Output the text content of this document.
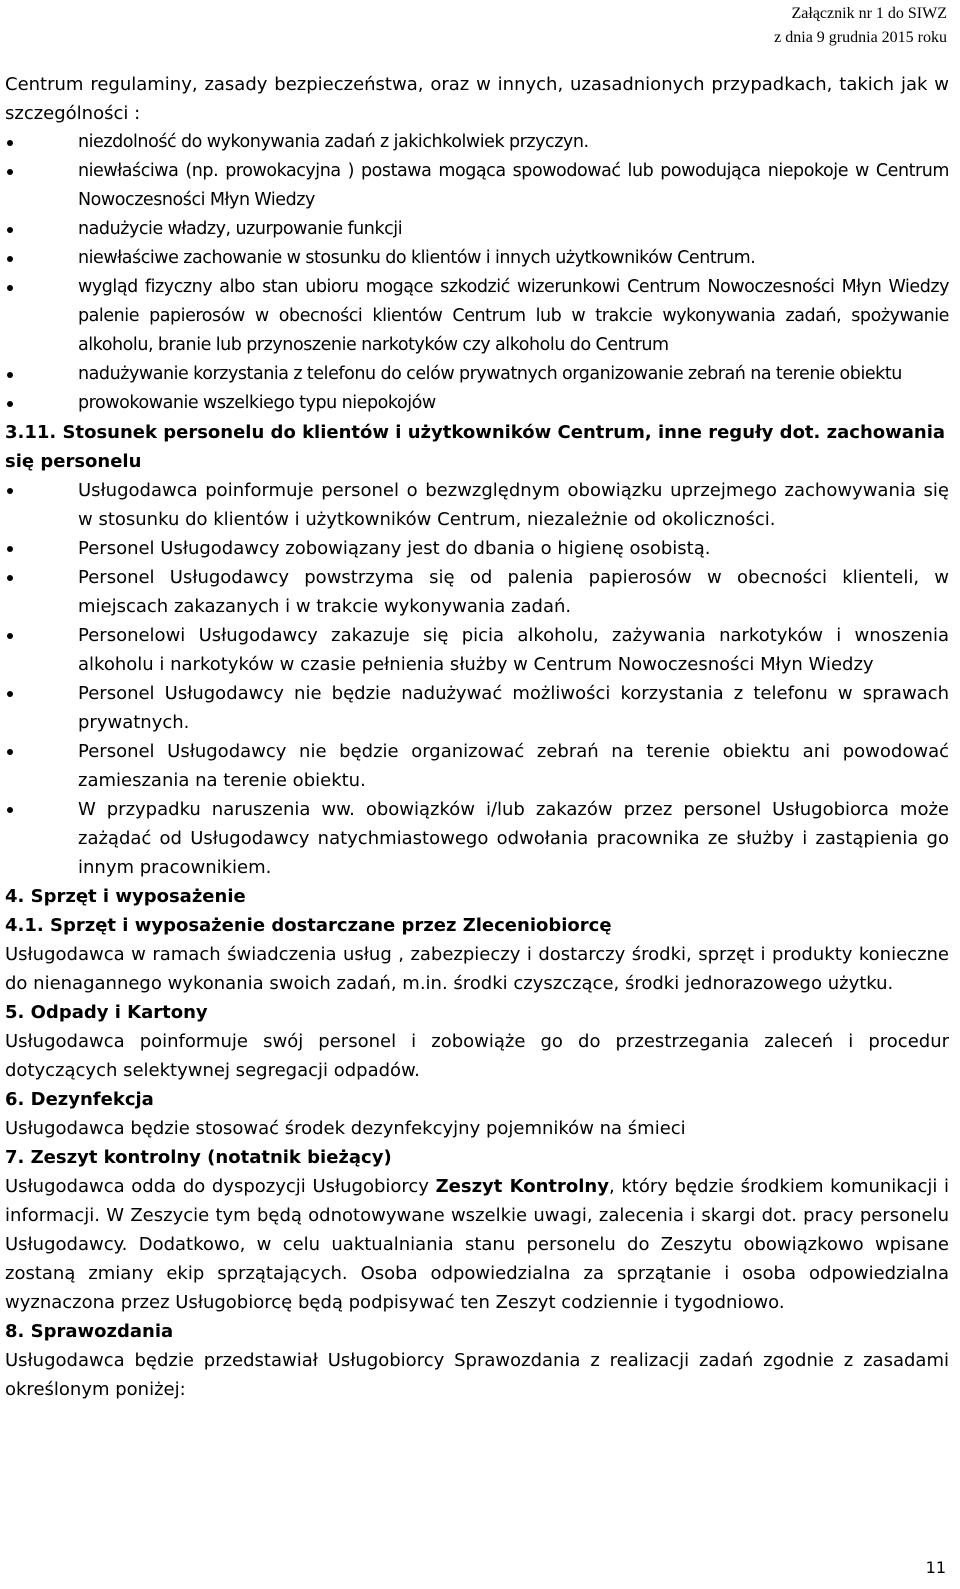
Załącznik nr 1 do SIWZ
z dnia 9 grudnia 2015 roku

Centrum regulaminy, zasady bezpieczeństwa, oraz w innych, uzasadnionych przypadkach, takich jak w szczególności :

niezdolność do wykonywania zadań z jakichkolwiek przyczyn.
niewłaściwa (np. prowokacyjna ) postawa mogąca spowodować lub powodująca niepokoje w Centrum Nowoczesności Młyn Wiedzy
nadużycie władzy, uzurpowanie funkcji
niewłaściwe zachowanie w stosunku do klientów i innych użytkowników Centrum.
wygląd fizyczny albo stan ubioru mogące szkodzić wizerunkowi Centrum Nowoczesności Młyn Wiedzy palenie papierosów w obecności klientów Centrum lub w trakcie wykonywania zadań, spożywanie alkoholu, branie lub przynoszenie narkotyków czy alkoholu do Centrum
nadużywanie korzystania z telefonu do celów prywatnych organizowanie zebrań na terenie obiektu
prowokowanie wszelkiego typu niepokojów

3.11. Stosunek personelu do klientów i użytkowników Centrum, inne reguły dot. zachowania się personelu

Usługodawca poinformuje personel o bezwzględnym obowiązku uprzejmego zachowywania się w stosunku do klientów i użytkowników Centrum, niezależnie od okoliczności.
Personel Usługodawcy zobowiązany jest do dbania o higienę osobistą.
Personel Usługodawcy powstrzyma się od palenia papierosów w obecności klienteli, w miejscach zakazanych i w trakcie wykonywania zadań.
Personelowi Usługodawcy zakazuje się picia alkoholu, zażywania narkotyków i wnoszenia alkoholu i narkotyków w czasie pełnienia służby w Centrum Nowoczesności Młyn Wiedzy
Personel Usługodawcy nie będzie nadużywać możliwości korzystania z telefonu w sprawach prywatnych.
Personel Usługodawcy nie będzie organizować zebrań na terenie obiektu ani powodować zamieszania na terenie obiektu.
W przypadku naruszenia ww. obowiązków i/lub zakazów przez personel Usługobiorca może zażądać od Usługodawcy natychmiastowego odwołania pracownika ze służby i zastąpienia go innym pracownikiem.

4. Sprzęt i wyposażenie

4.1. Sprzęt i wyposażenie dostarczane przez Zleceniobiorcę

Usługodawca w ramach świadczenia usług , zabezpieczy i dostarczy środki, sprzęt i produkty konieczne do nienagannego wykonania swoich zadań, m.in. środki czyszczące, środki jednorazowego użytku.

5. Odpady i Kartony

Usługodawca poinformuje swój personel i zobowiąże go do przestrzegania zaleceń i procedur dotyczących selektywnej segregacji odpadów.

6. Dezynfekcja

Usługodawca będzie stosować środek dezynfekcyjny pojemników na śmieci

7. Zeszyt kontrolny (notatnik bieżący)

Usługodawca odda do dyspozycji Usługobiorcy Zeszyt Kontrolny, który będzie środkiem komunikacji i informacji. W Zeszycie tym będą odnotowywane wszelkie uwagi, zalecenia i skargi dot. pracy personelu Usługodawcy. Dodatkowo, w celu uaktualniania stanu personelu do Zeszytu obowiązkowo wpisane zostaną zmiany ekip sprzątających. Osoba odpowiedzialna za sprzątanie i osoba odpowiedzialna wyznaczona przez Usługobiorcę będą podpisywać ten Zeszyt codziennie i tygodniowo.

8. Sprawozdania

Usługodawca będzie przedstawiał Usługobiorcy Sprawozdania z realizacji zadań zgodnie z zasadami określonym poniżej:

11
